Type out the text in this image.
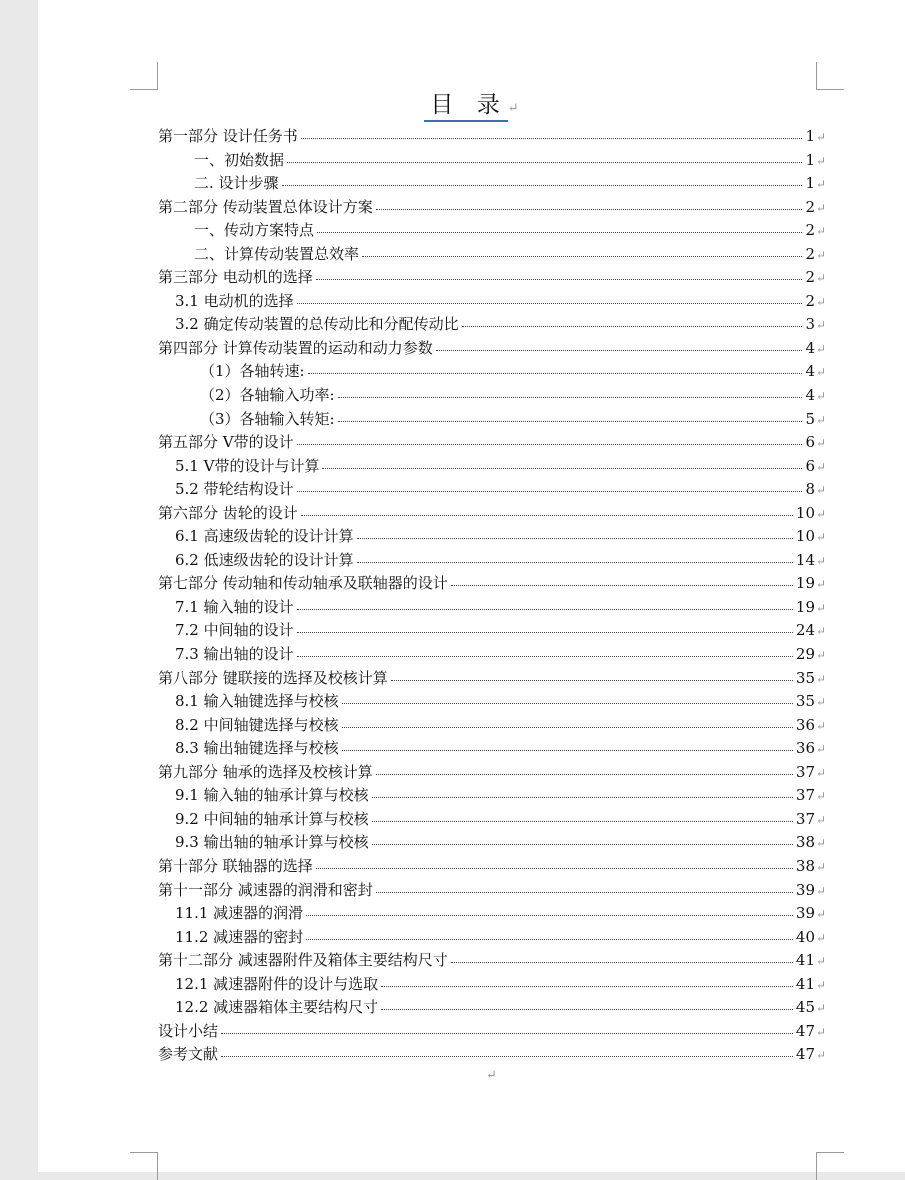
目 录↵
第一部分 设计任务书	1 ↵
一、初始数据	1 ↵
二. 设计步骤	1 ↵
第二部分 传动装置总体设计方案	2 ↵
一、传动方案特点	2 ↵
二、计算传动装置总效率	2 ↵
第三部分 电动机的选择	2 ↵
3.1 电动机的选择	2 ↵
3.2 确定传动装置的总传动比和分配传动比	3 ↵
第四部分 计算传动装置的运动和动力参数	4 ↵
（1）各轴转速:	4 ↵
（2）各轴输入功率:	4 ↵
（3）各轴输入转矩:	5 ↵
第五部分 V带的设计	6 ↵
5.1 V带的设计与计算	6 ↵
5.2 带轮结构设计	8 ↵
第六部分 齿轮的设计	10 ↵
6.1 高速级齿轮的设计计算	10 ↵
6.2 低速级齿轮的设计计算	14 ↵
第七部分 传动轴和传动轴承及联轴器的设计	19 ↵
7.1 输入轴的设计	19 ↵
7.2 中间轴的设计	24 ↵
7.3 输出轴的设计	29 ↵
第八部分 键联接的选择及校核计算	35 ↵
8.1 输入轴键选择与校核	35 ↵
8.2 中间轴键选择与校核	36 ↵
8.3 输出轴键选择与校核	36 ↵
第九部分 轴承的选择及校核计算	37 ↵
9.1 输入轴的轴承计算与校核	37 ↵
9.2 中间轴的轴承计算与校核	37 ↵
9.3 输出轴的轴承计算与校核	38 ↵
第十部分 联轴器的选择	38 ↵
第十一部分 减速器的润滑和密封	39 ↵
11.1 减速器的润滑	39 ↵
11.2 减速器的密封	40 ↵
第十二部分 减速器附件及箱体主要结构尺寸	41 ↵
12.1 减速器附件的设计与选取	41 ↵
12.2 减速器箱体主要结构尺寸	45 ↵
设计小结	47 ↵
参考文献	47 ↵
↵
